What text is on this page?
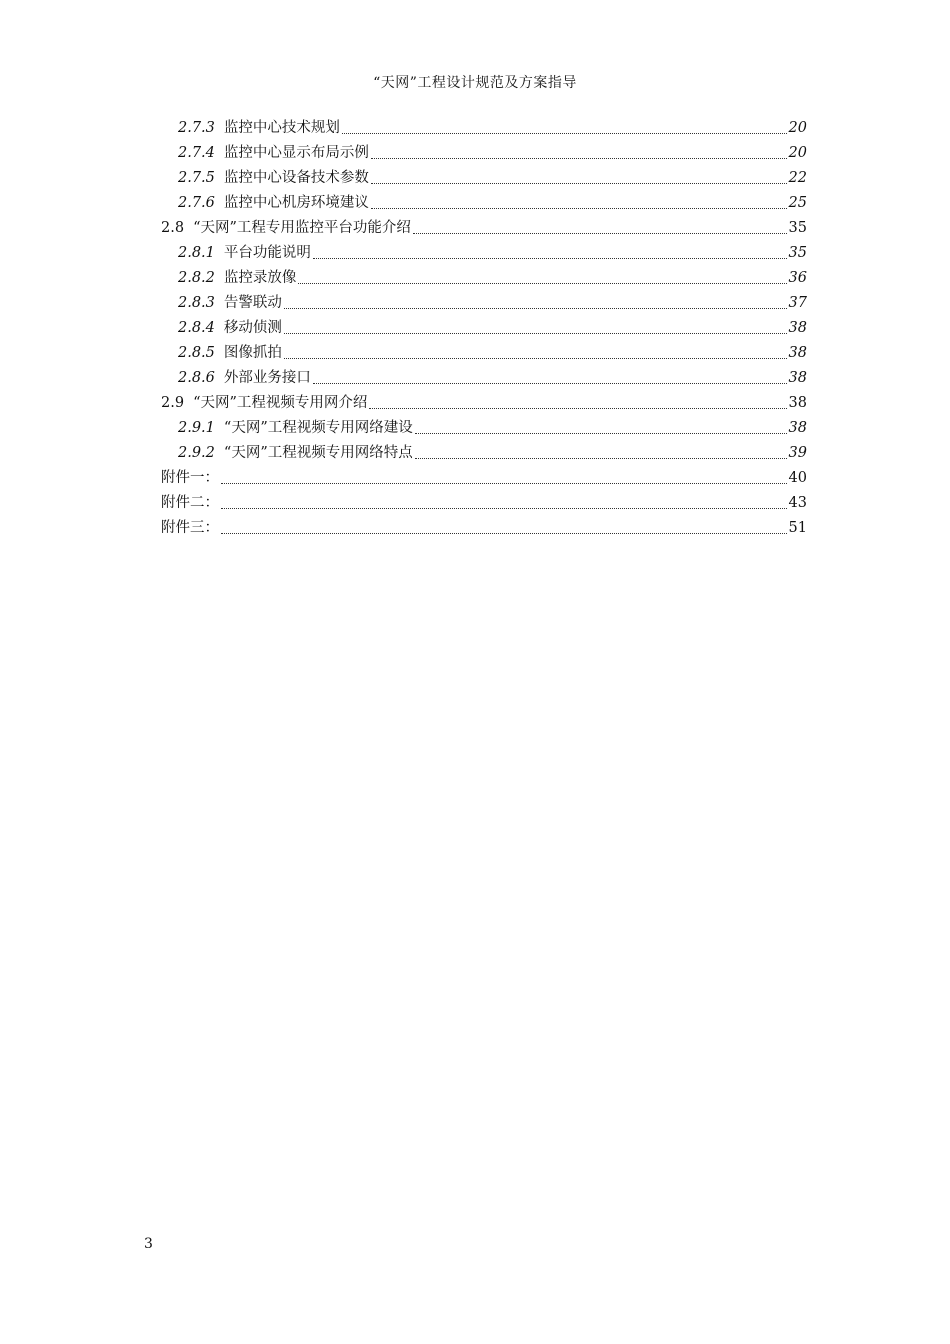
“天网”工程设计规范及方案指导
2.7.3 监控中心技术规划	20
2.7.4 监控中心显示布局示例	20
2.7.5 监控中心设备技术参数	22
2.7.6 监控中心机房环境建议	25
2.8 “天网”工程专用监控平台功能介绍	35
2.8.1 平台功能说明	35
2.8.2 监控录放像	36
2.8.3 告警联动	37
2.8.4 移动侦测	38
2.8.5 图像抓拍	38
2.8.6 外部业务接口	38
2.9 “天网”工程视频专用网介绍	38
2.9.1 “天网”工程视频专用网络建设	38
2.9.2 “天网”工程视频专用网络特点	39
附件一：	40
附件二：	43
附件三：	51
3
